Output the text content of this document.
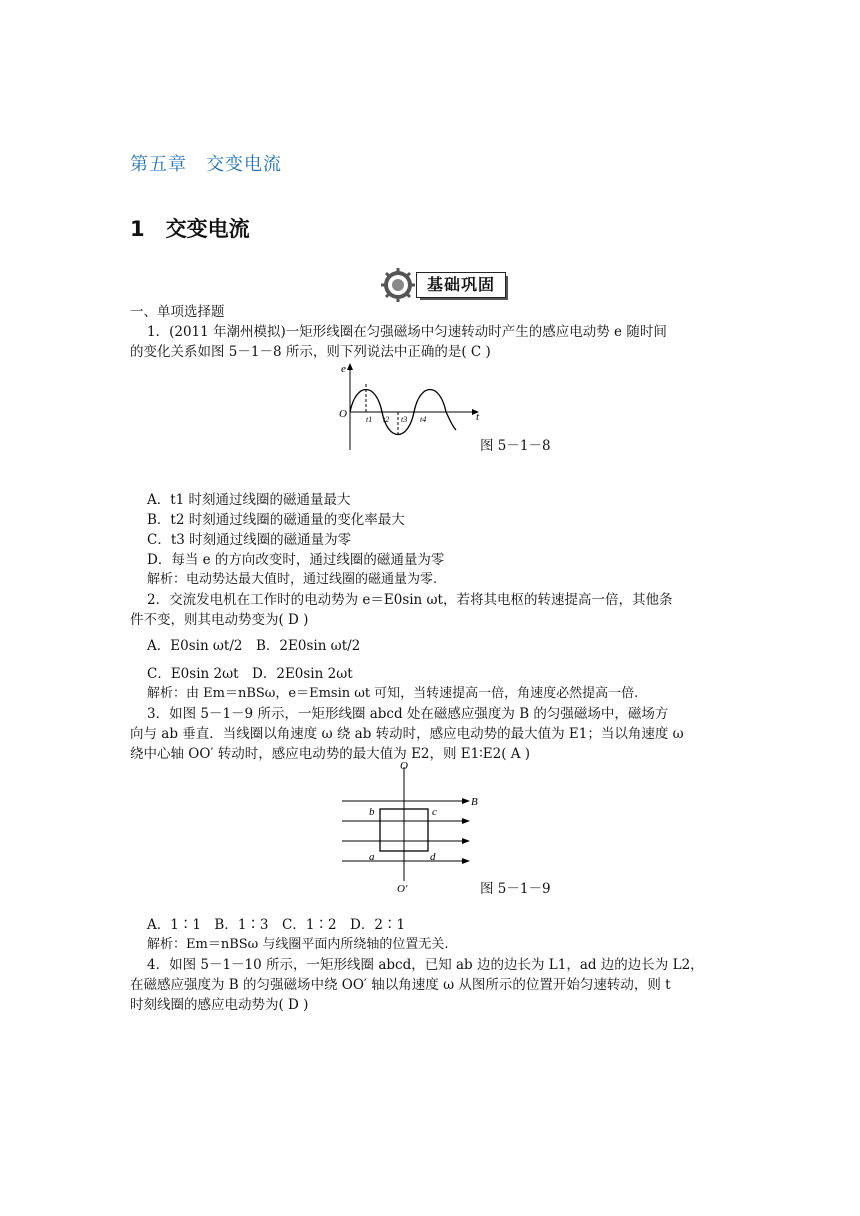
第五章　交变电流
1　交变电流
基础巩固
一、单项选择题
1．(2011 年潮州模拟)一矩形线圈在匀强磁场中匀速转动时产生的感应电动势 e 随时间
的变化关系如图 5－1－8 所示，则下列说法中正确的是( C )
e
t
O t1 t2 t3 t4
图 5－1－8
A．t1 时刻通过线圈的磁通量最大
B．t2 时刻通过线圈的磁通量的变化率最大
C．t3 时刻通过线圈的磁通量为零
D．每当 e 的方向改变时，通过线圈的磁通量为零
解析：电动势达最大值时，通过线圈的磁通量为零.
2．交流发电机在工作时的电动势为 e＝E0sin ωt，若将其电枢的转速提高一倍，其他条
件不变，则其电动势变为( D )
A．E0sin ωt/2　B．2E0sin ωt/2
C．E0sin 2ωt　D．2E0sin 2ωt
解析：由 Em＝nBSω，e＝Emsin ωt 可知，当转速提高一倍，角速度必然提高一倍.
3．如图 5－1－9 所示，一矩形线圈 abcd 处在磁感应强度为 B 的匀强磁场中，磁场方
向与 ab 垂直．当线圈以角速度 ω 绕 ab 转动时，感应电动势的最大值为 E1；当以角速度 ω
绕中心轴 OO′ 转动时，感应电动势的最大值为 E2，则 E1∶E2( A )
O
O′
B
b	c
a	d
图 5－1－9
A．1∶1　B．1∶3　C．1∶2　D．2∶1
解析：Em＝nBSω 与线圈平面内所绕轴的位置无关.
4．如图 5－1－10 所示，一矩形线圈 abcd，已知 ab 边的边长为 L1，ad 边的边长为 L2，
在磁感应强度为 B 的匀强磁场中绕 OO′ 轴以角速度 ω 从图所示的位置开始匀速转动，则 t
时刻线圈的感应电动势为( D )
